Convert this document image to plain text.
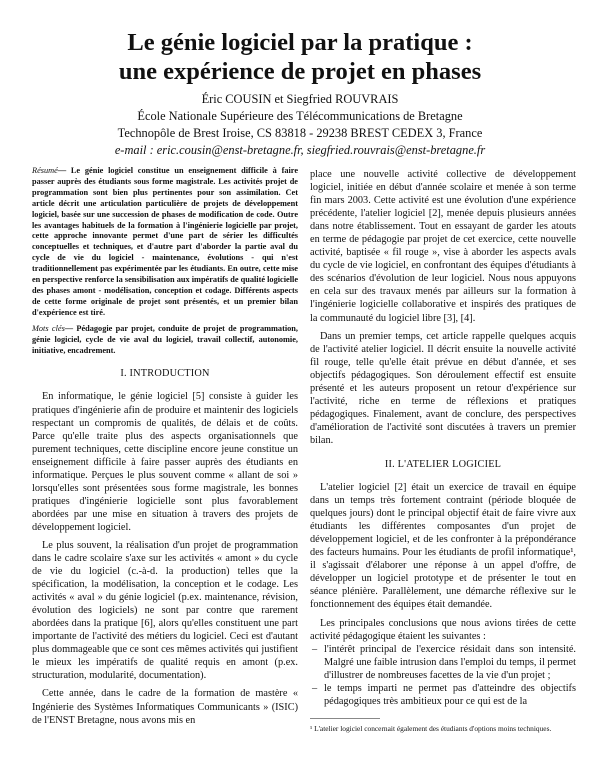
Le génie logiciel par la pratique :
une expérience de projet en phases
Éric COUSIN et Siegfried ROUVRAIS
École Nationale Supérieure des Télécommunications de Bretagne
Technopôle de Brest Iroise, CS 83818 - 29238 BREST CEDEX 3, France
e-mail : eric.cousin@enst-bretagne.fr, siegfried.rouvrais@enst-bretagne.fr
Résumé— Le génie logiciel constitue un enseignement difficile à faire passer auprès des étudiants sous forme magistrale. Les activités projet de programmation sont bien plus pertinentes pour son assimilation. Cet article décrit une articulation particulière de projets de développement logiciel, basée sur une succession de phases de modification de code. Outre les avantages habituels de la formation à l'ingénierie logicielle par projet, cette approche innovante permet d'une part de sérier les difficultés conceptuelles et techniques, et d'autre part d'aborder la partie aval du cycle de vie du logiciel - maintenance, évolutions - qui n'est traditionnellement pas expérimentée par les étudiants. En outre, cette mise en perspective renforce la sensibilisation aux impératifs de qualité logicielle des phases amont - modélisation, conception et codage. Différents aspects de cette forme originale de projet sont présentés, et un premier bilan d'expérience est tiré.
Mots clés— Pédagogie par projet, conduite de projet de programmation, génie logiciel, cycle de vie aval du logiciel, travail collectif, autonomie, initiative, encadrement.
I. INTRODUCTION

En informatique, le génie logiciel [5] consiste à guider les pratiques d'ingénierie afin de produire et maintenir des logiciels respectant un compromis de qualités, de délais et de coûts. Parce qu'elle traite plus des aspects organisationnels que purement techniques, cette discipline encore jeune constitue un enseignement difficile à faire passer auprès des étudiants en informatique. Perçues le plus souvent comme « allant de soi » lorsqu'elles sont présentées sous forme magistrale, les bonnes pratiques d'ingénierie logicielle sont plus favorablement abordées par une mise en situation à travers des projets de développement logiciel.

Le plus souvent, la réalisation d'un projet de programmation dans le cadre scolaire s'axe sur les activités « amont » du cycle de vie du logiciel (c.-à-d. la production) telles que la spécification, la modélisation, la conception et le codage. Les activités « aval » du génie logiciel (p.ex. maintenance, révision, évolution des logiciels) ne sont par contre que rarement abordées dans la pratique [6], alors qu'elles constituent une part importante de l'activité des métiers du logiciel. Ceci est d'autant plus dommageable que ce sont ces mêmes activités qui justifient le mieux les impératifs de qualité requis en amont (p.ex. structuration, modularité, documentation).

Cette année, dans le cadre de la formation de mastère « Ingénierie des Systèmes Informatiques Communicants » (ISIC) de l'ENST Bretagne, nous avons mis en

place une nouvelle activité collective de développement logiciel, initiée en début d'année scolaire et menée à son terme fin mars 2003. Cette activité est une évolution d'une expérience précédente, l'atelier logiciel [2], menée depuis plusieurs années dans notre établissement. Tout en essayant de garder les atouts en terme de pédagogie par projet de cet exercice, cette nouvelle activité, baptisée « fil rouge », vise à aborder les aspects avals du cycle de vie logiciel, en confrontant des équipes d'étudiants à des scénarios d'évolution de leur logiciel. Nous nous appuyons en cela sur des travaux menés par ailleurs sur la formation à l'ingénierie logicielle collaborative et inspirés des pratiques de la communauté du logiciel libre [3], [4].

Dans un premier temps, cet article rappelle quelques acquis de l'activité atelier logiciel. Il décrit ensuite la nouvelle activité fil rouge, telle qu'elle était prévue en début d'année, et ses objectifs pédagogiques. Son déroulement effectif est ensuite présenté et les auteurs proposent un retour d'expérience sur l'activité, riche en terme de réflexions et pratiques pédagogiques. Finalement, avant de conclure, des perspectives d'amélioration de l'activité sont discutées à travers un premier bilan.

II. L'ATELIER LOGICIEL

L'atelier logiciel [2] était un exercice de travail en équipe dans un temps très fortement contraint (période bloquée de quelques jours) dont le principal objectif était de faire vivre aux étudiants les différentes composantes d'un projet de développement logiciel, et de les confronter à la prépondérance des facteurs humains. Pour les étudiants de profil informatique¹, il s'agissait d'élaborer une réponse à un appel d'offre, de développer un logiciel prototype et de présenter le tout en séance plénière. Parallèlement, une démarche réflexive sur le fonctionnement des équipes était demandée.

Les principales conclusions que nous avions tirées de cette activité pédagogique étaient les suivantes :

– l'intérêt principal de l'exercice résidait dans son intensité. Malgré une faible intrusion dans l'emploi du temps, il permet d'illustrer de nombreuses facettes de la vie d'un projet ;
– le temps imparti ne permet pas d'atteindre des objectifs pédagogiques très ambitieux pour ce qui est de la
¹ L'atelier logiciel concernait également des étudiants d'options moins techniques.
